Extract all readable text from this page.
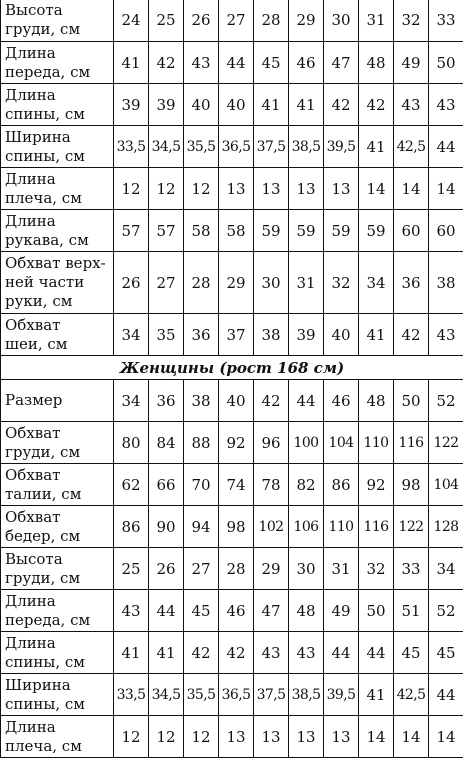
Высота
груди, см	24	25	26	27	28	29	30	31	32	33
Длина
переда, см	41	42	43	44	45	46	47	48	49	50
Длина
спины, см	39	39	40	40	41	41	42	42	43	43
Ширина
спины, см	33,5	34,5	35,5	36,5	37,5	38,5	39,5	41	42,5	44
Длина
плеча, см	12	12	12	13	13	13	13	14	14	14
Длина
рукава, см	57	57	58	58	59	59	59	59	60	60
Обхват верх-
ней части
руки, см	26	27	28	29	30	31	32	34	36	38
Обхват
шеи, см	34	35	36	37	38	39	40	41	42	43
Женщины (рост 168 см)										
Размер	34	36	38	40	42	44	46	48	50	52
Обхват
груди, см	80	84	88	92	96	100	104	110	116	122
Обхват
талии, см	62	66	70	74	78	82	86	92	98	104
Обхват
бедер, см	86	90	94	98	102	106	110	116	122	128
Высота
груди, см	25	26	27	28	29	30	31	32	33	34
Длина
переда, см	43	44	45	46	47	48	49	50	51	52
Длина
спины, см	41	41	42	42	43	43	44	44	45	45
Ширина
спины, см	33,5	34,5	35,5	36,5	37,5	38,5	39,5	41	42,5	44
Длина
плеча, см	12	12	12	13	13	13	13	14	14	14
